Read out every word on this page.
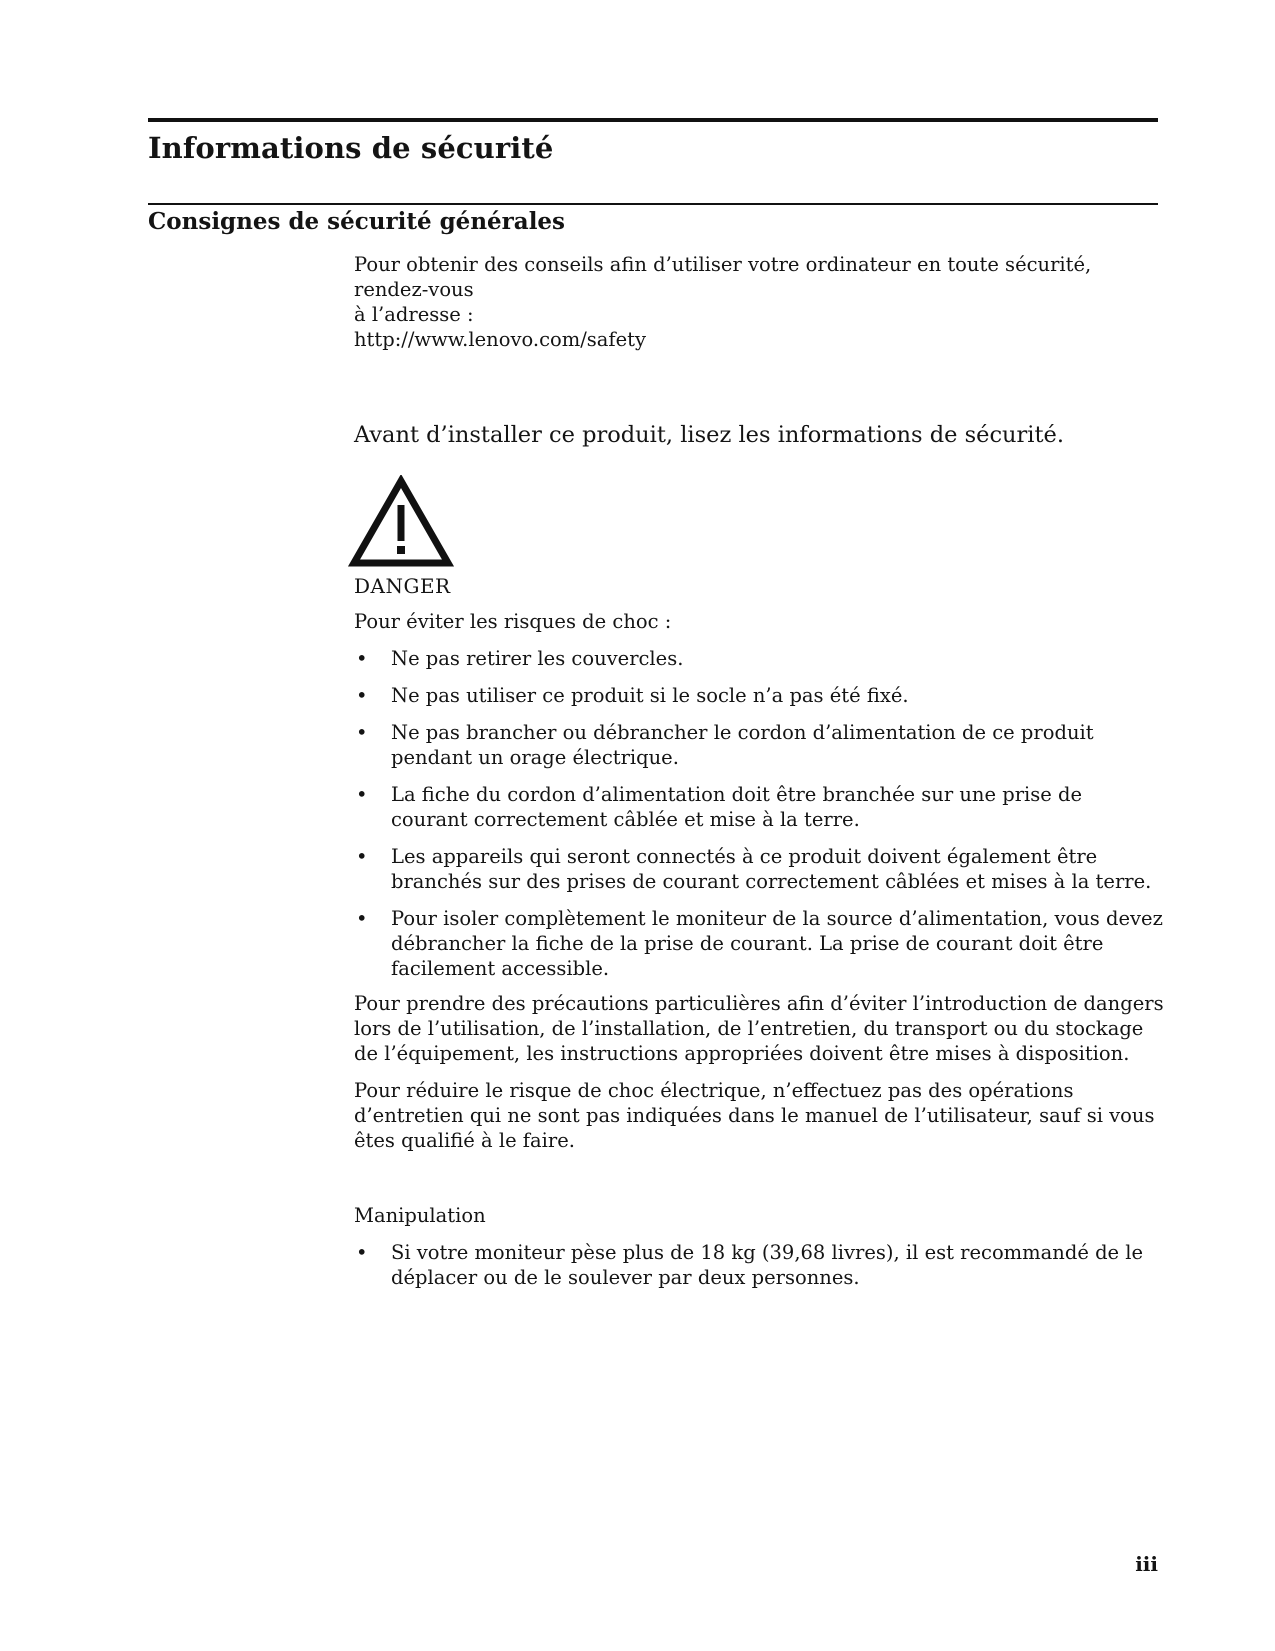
Informations de sécurité
Consignes de sécurité générales

Pour obtenir des conseils afin d’utiliser votre ordinateur en toute sécurité, rendez-vous

à l’adresse :

http://www.lenovo.com/safety

Avant d’installer ce produit, lisez les informations de sécurité.
DANGER
Pour éviter les risques de choc :
• Ne pas retirer les couvercles.
• Ne pas utiliser ce produit si le socle n’a pas été fixé.
• Ne pas brancher ou débrancher le cordon d’alimentation de ce produit pendant un orage électrique.
• La fiche du cordon d’alimentation doit être branchée sur une prise de courant correctement câblée et mise à la terre.
• Les appareils qui seront connectés à ce produit doivent également être branchés sur des prises de courant correctement câblées et mises à la terre.
• Pour isoler complètement le moniteur de la source d’alimentation, vous devez débrancher la fiche de la prise de courant. La prise de courant doit être facilement accessible.

Pour prendre des précautions particulières afin d’éviter l’introduction de dangers lors de l’utilisation, de l’installation, de l’entretien, du transport ou du stockage de l’équipement, les instructions appropriées doivent être mises à disposition.

Pour réduire le risque de choc électrique, n’effectuez pas des opérations d’entretien qui ne sont pas indiquées dans le manuel de l’utilisateur, sauf si vous êtes qualifié à le faire.

Manipulation
• Si votre moniteur pèse plus de 18 kg (39,68 livres), il est recommandé de le déplacer ou de le soulever par deux personnes.
iii
